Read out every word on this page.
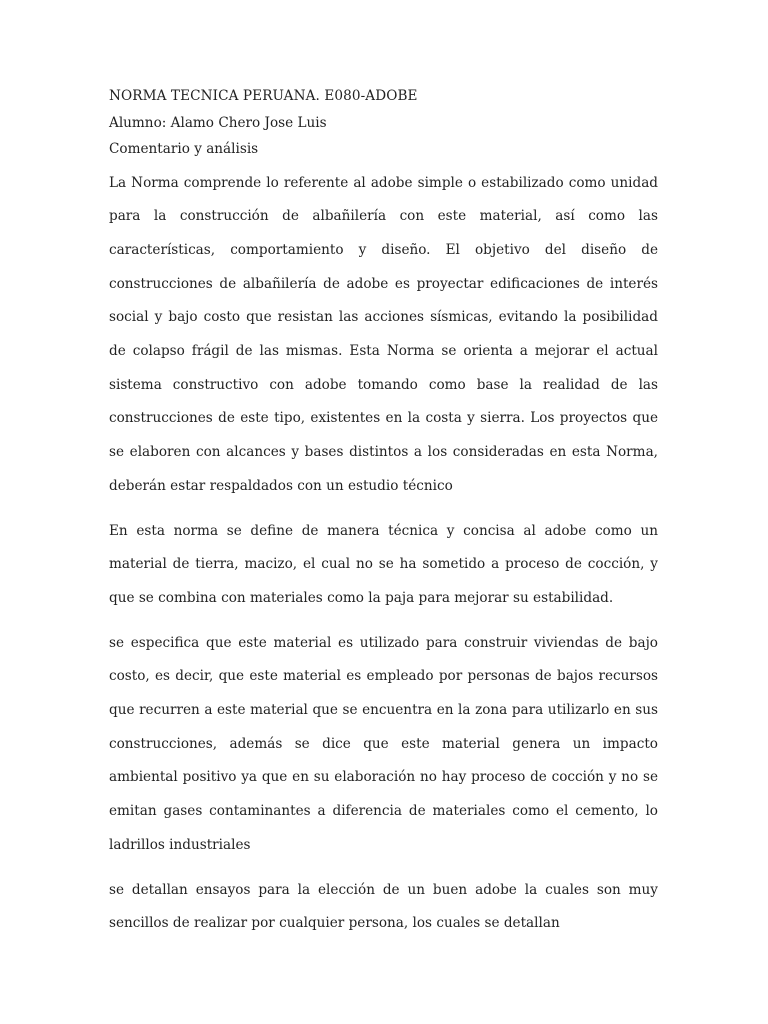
NORMA TECNICA PERUANA. E080-ADOBE

Alumno: Alamo Chero Jose Luis

Comentario y análisis

La Norma comprende lo referente al adobe simple o estabilizado como unidad para la construcción de albañilería con este material, así como las características, comportamiento y diseño. El objetivo del diseño de construcciones de albañilería de adobe es proyectar edificaciones de interés social y bajo costo que resistan las acciones sísmicas, evitando la posibilidad de colapso frágil de las mismas. Esta Norma se orienta a mejorar el actual sistema constructivo con adobe tomando como base la realidad de las construcciones de este tipo, existentes en la costa y sierra. Los proyectos que se elaboren con alcances y bases distintos a los consideradas en esta Norma, deberán estar respaldados con un estudio técnico

En esta norma se define de manera técnica y concisa al adobe como un material de tierra, macizo, el cual no se ha sometido a proceso de cocción, y que se combina con materiales como la paja para mejorar su estabilidad.

se especifica que este material es utilizado para construir viviendas de bajo costo, es decir, que este material es empleado por personas de bajos recursos que recurren a este material que se encuentra en la zona para utilizarlo en sus construcciones, además se dice que este material genera un impacto ambiental positivo ya que en su elaboración no hay proceso de cocción y no se emitan gases contaminantes a diferencia de materiales como el cemento, lo ladrillos industriales

se detallan ensayos para la elección de un buen adobe la cuales son muy sencillos de realizar por cualquier persona, los cuales se detallan
